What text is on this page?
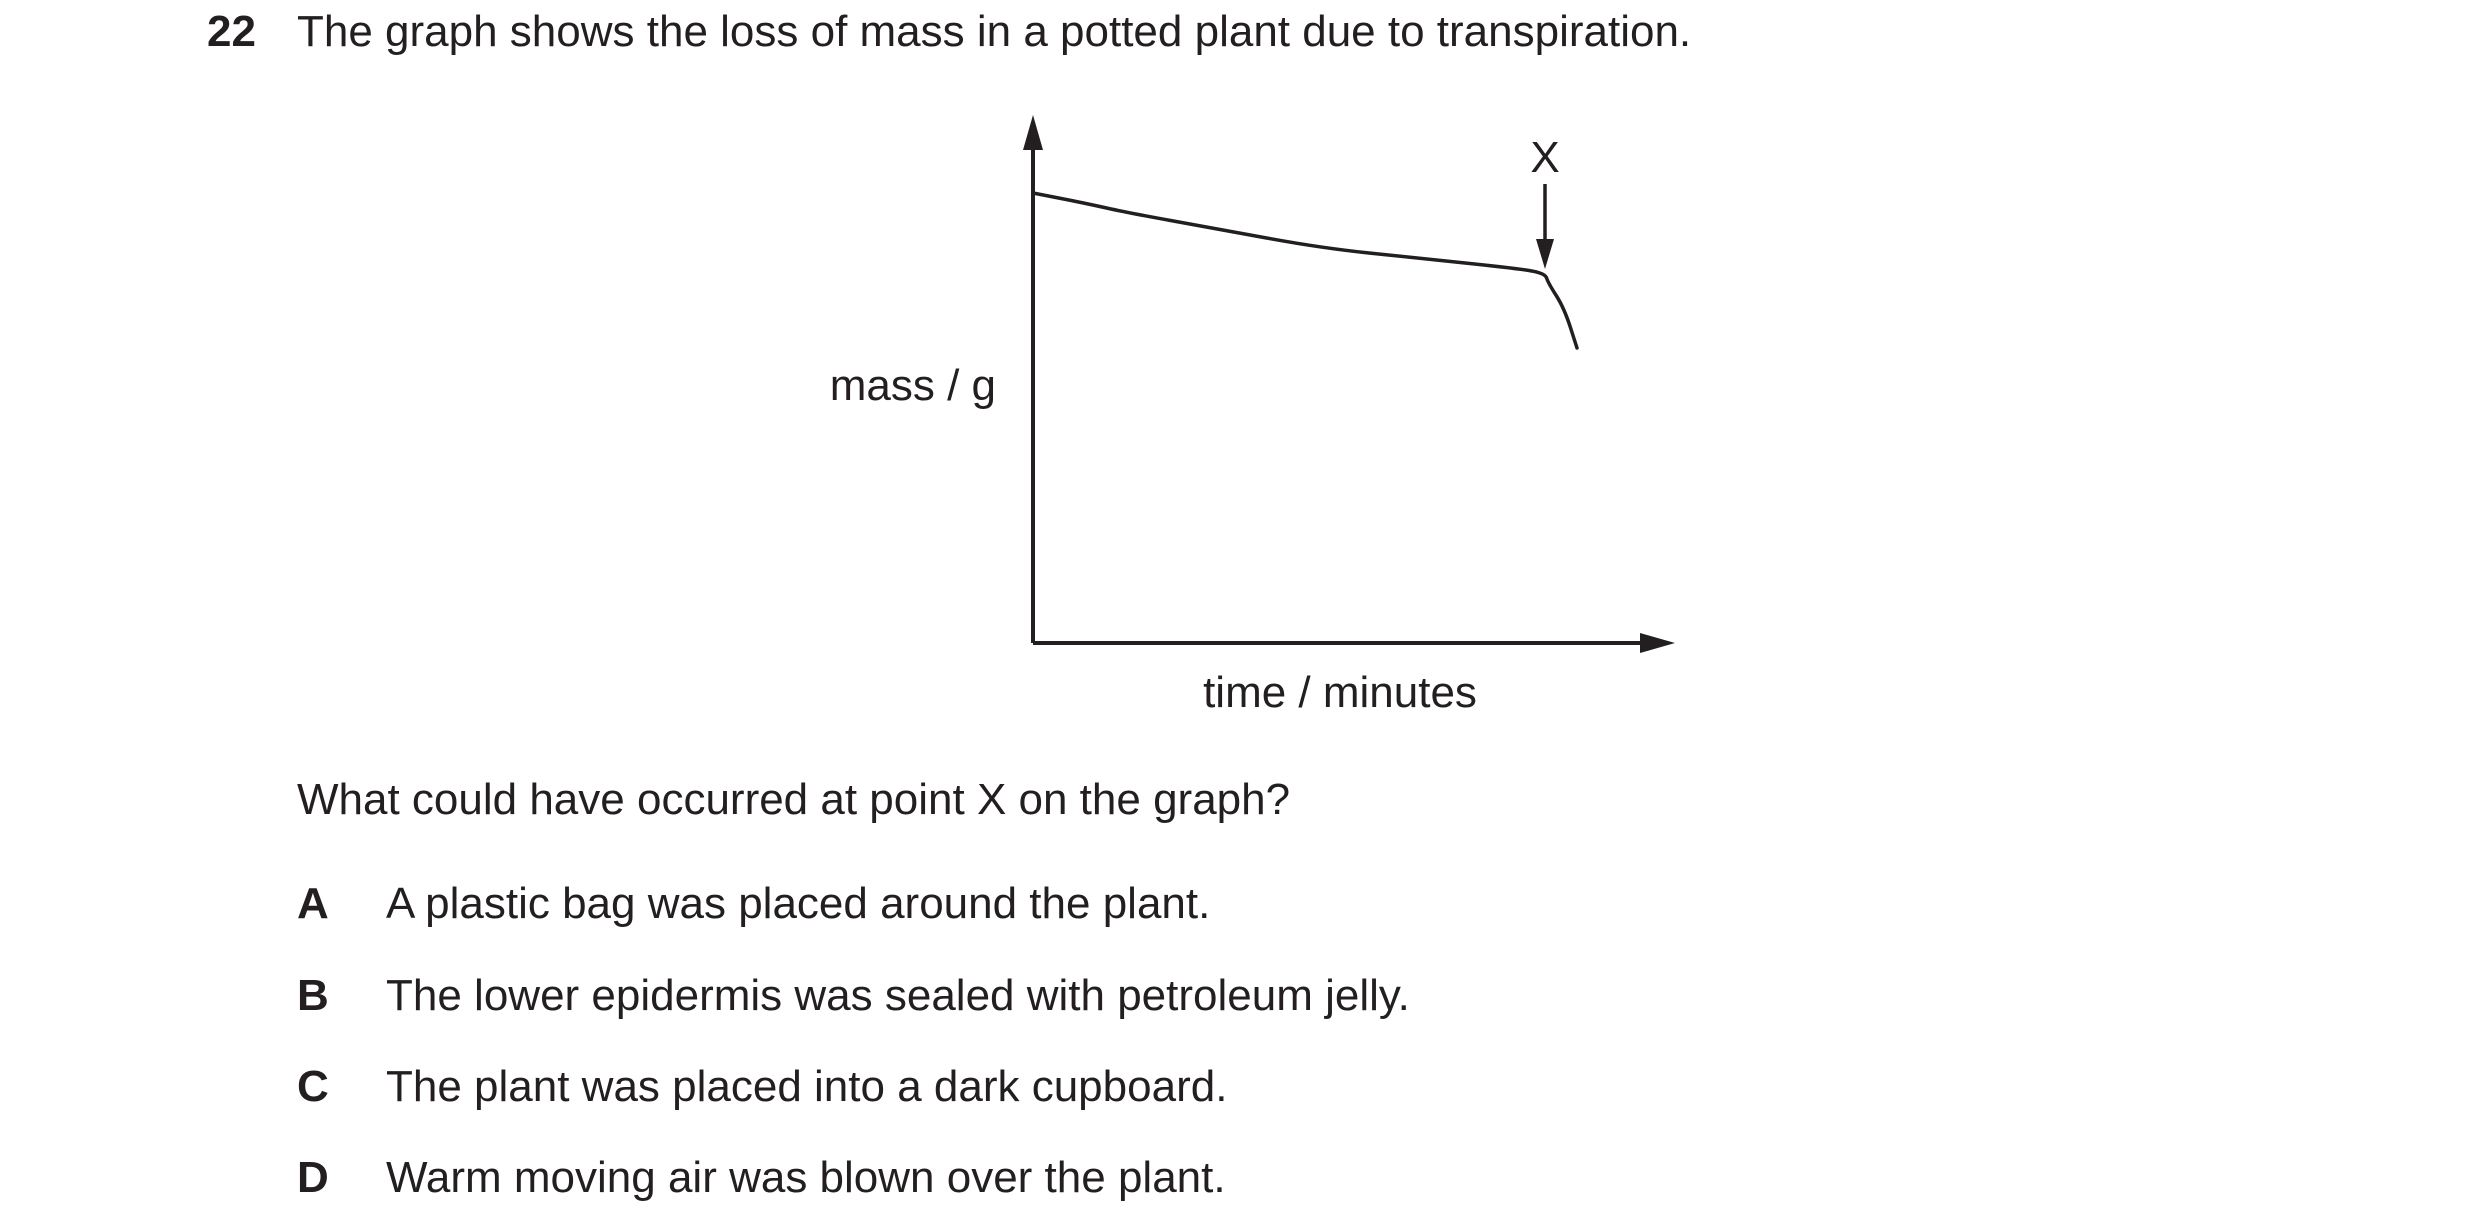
22 The graph shows the loss of mass in a potted plant due to transpiration.
X
mass / g
time / minutes
What could have occurred at point X on the graph?
A A plastic bag was placed around the plant.
B The lower epidermis was sealed with petroleum jelly.
C The plant was placed into a dark cupboard.
D Warm moving air was blown over the plant.
